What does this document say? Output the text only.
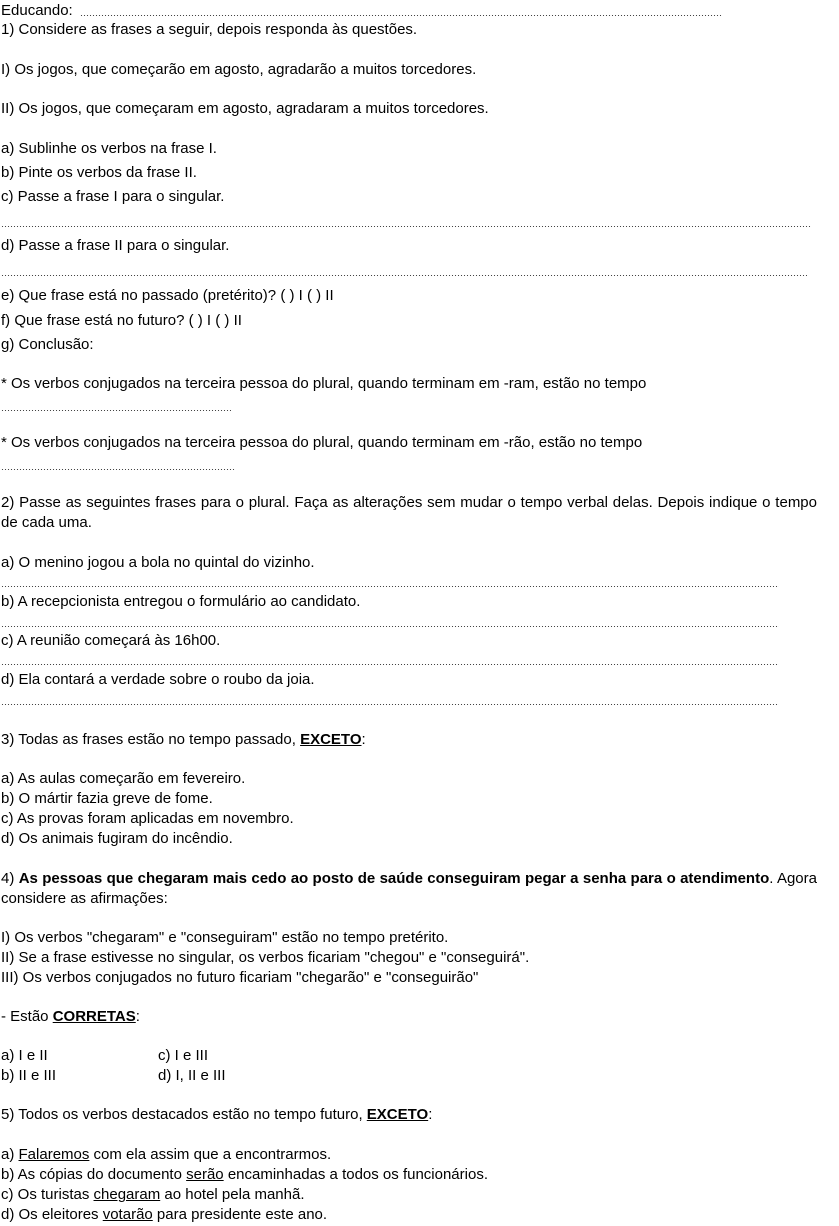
Educando:
1) Considere as frases a seguir, depois responda às questões.
I) Os jogos, que começarão em agosto, agradarão a muitos torcedores.
II) Os jogos, que começaram em agosto, agradaram a muitos torcedores.
a) Sublinhe os verbos na frase I.
b) Pinte os verbos da frase II.
c) Passe a frase I para o singular.
d) Passe a frase II para o singular.
e) Que frase está no passado (pretérito)? ( ) I ( ) II
f) Que frase está no futuro? ( ) I ( ) II
g) Conclusão:
* Os verbos conjugados na terceira pessoa do plural, quando terminam em -ram, estão no tempo
* Os verbos conjugados na terceira pessoa do plural, quando terminam em -rão, estão no tempo
2) Passe as seguintes frases para o plural. Faça as alterações sem mudar o tempo verbal delas. Depois indique o tempo de cada uma.
a) O menino jogou a bola no quintal do vizinho.
b) A recepcionista entregou o formulário ao candidato.
c) A reunião começará às 16h00.
d) Ela contará a verdade sobre o roubo da joia.
3) Todas as frases estão no tempo passado, EXCETO:
a) As aulas começarão em fevereiro.
b) O mártir fazia greve de fome.
c) As provas foram aplicadas em novembro.
d) Os animais fugiram do incêndio.
4) As pessoas que chegaram mais cedo ao posto de saúde conseguiram pegar a senha para o atendimento. Agora considere as afirmações:
I) Os verbos "chegaram" e "conseguiram" estão no tempo pretérito.
II) Se a frase estivesse no singular, os verbos ficariam "chegou" e "conseguirá".
III) Os verbos conjugados no futuro ficariam "chegarão" e "conseguirão"
- Estão CORRETAS:
a) I e II	c) I e III
b) II e III	d) I, II e III
5) Todos os verbos destacados estão no tempo futuro, EXCETO:
a) Falaremos com ela assim que a encontrarmos.
b) As cópias do documento serão encaminhadas a todos os funcionários.
c) Os turistas chegaram ao hotel pela manhã.
d) Os eleitores votarão para presidente este ano.
